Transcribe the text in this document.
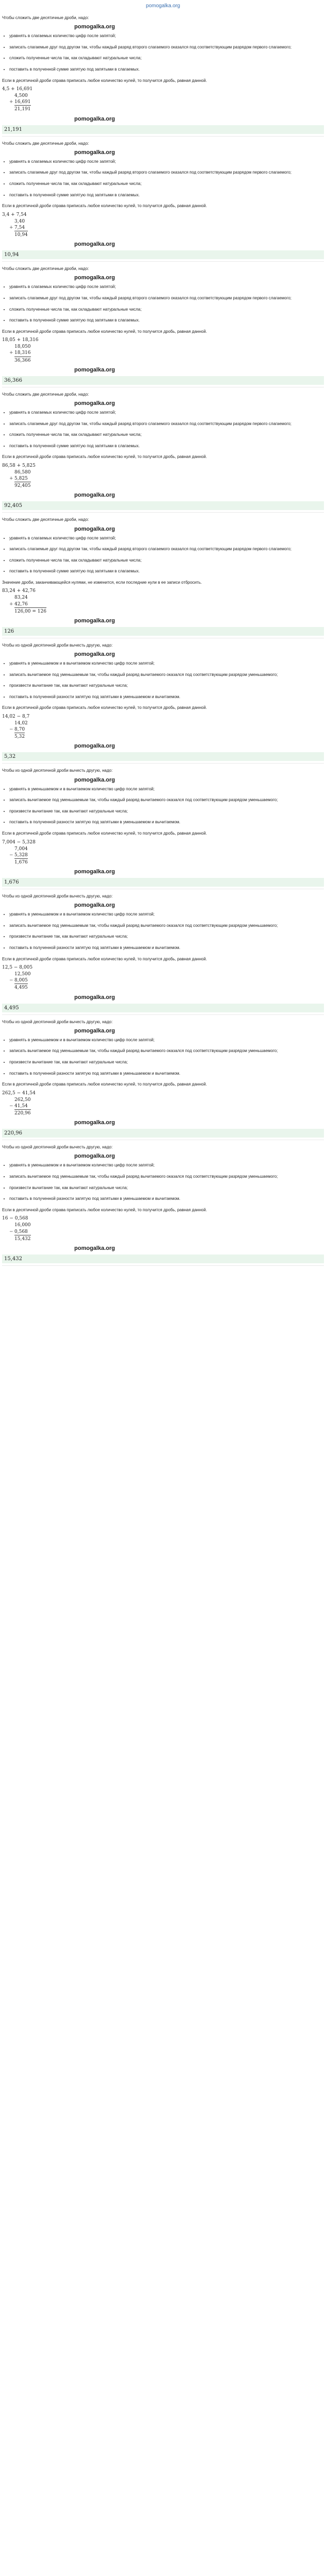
pomogalka.org
Чтобы сложить две десятичные дроби, надо:
pomogalka.org
• уравнять в слагаемых количество цифр после запятой;
• записать слагаемые друг под другом так, чтобы каждый разряд второго слагаемого оказался под соответствующим разрядом первого слагаемого;
• сложить полученные числа так, как складывают натуральные числа;
• поставить в полученной сумме запятую под запятыми в слагаемых.
Если в десятичной дроби справа приписать любое количество нулей, то получится дробь, равная данной.
4,5 + 16,691
4,500
+ 16,691
21,191
pomogalka.org
21,191
Чтобы сложить две десятичные дроби, надо:
pomogalka.org
• уравнять в слагаемых количество цифр после запятой;
• записать слагаемые друг под другом так, чтобы каждый разряд второго слагаемого оказался под соответствующим разрядом первого слагаемого;
• сложить полученные числа так, как складывают натуральные числа;
• поставить в полученной сумме запятую под запятыми в слагаемых.
Если в десятичной дроби справа приписать любое количество нулей, то получится дробь, равная данной.
3,4 + 7,54
3,40
+ 7,54
10,94
pomogalka.org
10,94
Чтобы сложить две десятичные дроби, надо:
pomogalka.org
• уравнять в слагаемых количество цифр после запятой;
• записать слагаемые друг под другом так, чтобы каждый разряд второго слагаемого оказался под соответствующим разрядом первого слагаемого;
• сложить полученные числа так, как складывают натуральные числа;
• поставить в полученной сумме запятую под запятыми в слагаемых.
Если в десятичной дроби справа приписать любое количество нулей, то получится дробь, равная данной.
18,05 + 18,316
18,050
+ 18,316
36,366
pomogalka.org
36,366
Чтобы сложить две десятичные дроби, надо:
pomogalka.org
• уравнять в слагаемых количество цифр после запятой;
• записать слагаемые друг под другом так, чтобы каждый разряд второго слагаемого оказался под соответствующим разрядом первого слагаемого;
• сложить полученные числа так, как складывают натуральные числа;
• поставить в полученной сумме запятую под запятыми в слагаемых.
Если в десятичной дроби справа приписать любое количество нулей, то получится дробь, равная данной.
86,58 + 5,825
86,580
+ 5,825
92,405
pomogalka.org
92,405
Чтобы сложить две десятичные дроби, надо:
pomogalka.org
• уравнять в слагаемых количество цифр после запятой;
• записать слагаемые друг под другом так, чтобы каждый разряд второго слагаемого оказался под соответствующим разрядом первого слагаемого;
• сложить полученные числа так, как складывают натуральные числа;
• поставить в полученной сумме запятую под запятыми в слагаемых.
Значение дроби, заканчивающейся нулями, не изменится, если последние нули в ее записи отбросить.
83,24 + 42,76
83,24
+ 42,76
126,00 = 126
pomogalka.org
126
Чтобы из одной десятичной дроби вычесть другую, надо:
pomogalka.org
• уравнять в уменьшаемом и в вычитаемом количество цифр после запятой;
• записать вычитаемое под уменьшаемым так, чтобы каждый разряд вычитаемого оказался под соответствующим разрядом уменьшаемого;
• произвести вычитание так, как вычитают натуральные числа;
• поставить в полученной разности запятую под запятыми в уменьшаемом и вычитаемом.
Если в десятичной дроби справа приписать любое количество нулей, то получится дробь, равная данной.
14,02 − 8,7
14,02
− 8,70
5,32
pomogalka.org
5,32
Чтобы из одной десятичной дроби вычесть другую, надо:
pomogalka.org
• уравнять в уменьшаемом и в вычитаемом количество цифр после запятой;
• записать вычитаемое под уменьшаемым так, чтобы каждый разряд вычитаемого оказался под соответствующим разрядом уменьшаемого;
• произвести вычитание так, как вычитают натуральные числа;
• поставить в полученной разности запятую под запятыми в уменьшаемом и вычитаемом.
Если в десятичной дроби справа приписать любое количество нулей, то получится дробь, равная данной.
7,004 − 5,328
7,004
− 5,328
1,676
pomogalka.org
1,676
Чтобы из одной десятичной дроби вычесть другую, надо:
pomogalka.org
• уравнять в уменьшаемом и в вычитаемом количество цифр после запятой;
• записать вычитаемое под уменьшаемым так, чтобы каждый разряд вычитаемого оказался под соответствующим разрядом уменьшаемого;
• произвести вычитание так, как вычитают натуральные числа;
• поставить в полученной разности запятую под запятыми в уменьшаемом и вычитаемом.
Если в десятичной дроби справа приписать любое количество нулей, то получится дробь, равная данной.
12,5 − 8,005
12,500
− 8,005
4,495
pomogalka.org
4,495
Чтобы из одной десятичной дроби вычесть другую, надо:
pomogalka.org
• уравнять в уменьшаемом и в вычитаемом количество цифр после запятой;
• записать вычитаемое под уменьшаемым так, чтобы каждый разряд вычитаемого оказался под соответствующим разрядом уменьшаемого;
• произвести вычитание так, как вычитают натуральные числа;
• поставить в полученной разности запятую под запятыми в уменьшаемом и вычитаемом.
Если в десятичной дроби справа приписать любое количество нулей, то получится дробь, равная данной.
262,5 − 41,54
262,50
− 41,54
220,96
pomogalka.org
220,96
Чтобы из одной десятичной дроби вычесть другую, надо:
pomogalka.org
• уравнять в уменьшаемом и в вычитаемом количество цифр после запятой;
• записать вычитаемое под уменьшаемым так, чтобы каждый разряд вычитаемого оказался под соответствующим разрядом уменьшаемого;
• произвести вычитание так, как вычитают натуральные числа;
• поставить в полученной разности запятую под запятыми в уменьшаемом и вычитаемом.
Если в десятичной дроби справа приписать любое количество нулей, то получится дробь, равная данной.
16 − 0,568
16,000
− 0,568
15,432
pomogalka.org
15,432
